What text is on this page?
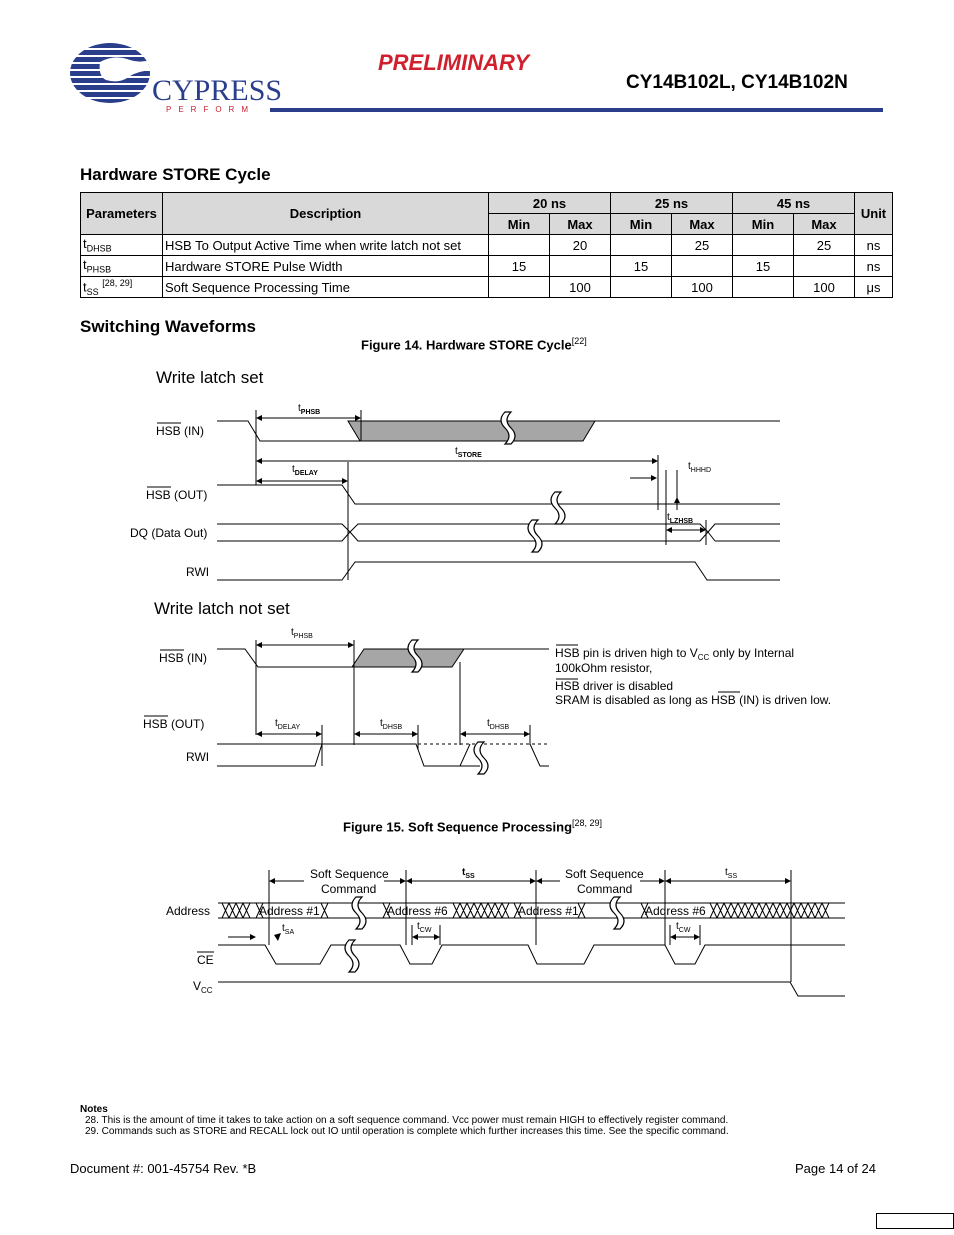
CYPRESS
PERFORM
PRELIMINARY
CY14B102L, CY14B102N
Hardware STORE Cycle
Parameters	Description	20 ns		25 ns		45 ns		Unit
		Min	Max	Min	Max	Min	Max	
$t_{DHSB}$	HSB To Output Active Time when write latch not set		20		25		25	ns
$t_{PHSB}$	Hardware STORE Pulse Width	15		15		15		ns
$t_{SS}$ [28, 29]	Soft Sequence Processing Time		100		100		100	μs
Switching Waveforms
Figure 14. Hardware STORE Cycle[22]
Write latch set
HSB (IN)
HSB (OUT)
DQ (Data Out)
RWI
$t_{PHSB}$
$t_{STORE}$
$t_{DELAY}$
$t_{HHHD}$
$t_{LZHSB}$
Write latch not set
HSB (IN)
HSB (OUT)
RWI
$t_{PHSB}$
$t_{DELAY}$	$t_{DHSB}$	$t_{DHSB}$
HSB pin is driven high to $V_{CC}$ only by Internal
100kOhm resistor,
HSB driver is disabled
SRAM is disabled as long as HSB (IN) is driven low.
Figure 15. Soft Sequence Processing[28, 29]
Address
CE
$V_{CC}$
Address #1	Address #6	Address #1	Address #6
Soft Sequence
Command
Soft Sequence
Command
$t_{SS}$	$t_{SS}$
$t_{SA}$
$t_{CW}$	$t_{CW}$
Notes
28. This is the amount of time it takes to take action on a soft sequence command. Vcc power must remain HIGH to effectively register command.
29. Commands such as STORE and RECALL lock out IO until operation is complete which further increases this time. See the specific command.
Document #: 001-45754 Rev. *B	Page 14 of 24
